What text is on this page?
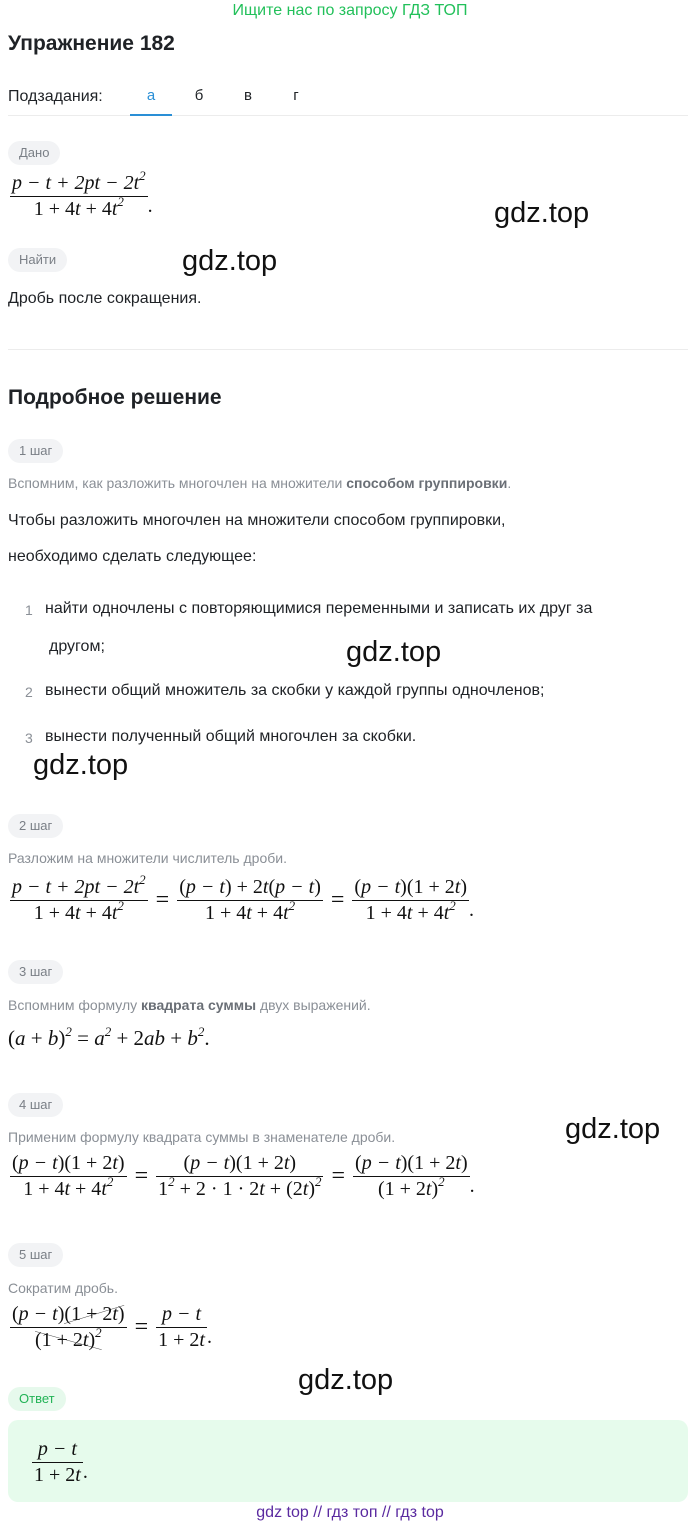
Ищите нас по запросу ГДЗ ТОП
Упражнение 182
Подзадания:	а	б	в	г
Дано
$\frac{p - t + 2pt - 2t^2}{1 + 4t + 4t^2}$ .
Найти
Дробь после сокращения.
Подробное решение
1 шаг
Вспомним, как разложить многочлен на множители способом группировки.
Чтобы разложить многочлен на множители способом группировки,
необходимо сделать следующее:
1 найти одночлены с повторяющимися переменными и записать их друг за
другом;
2 вынести общий множитель за скобки у каждой группы одночленов;
3 вынести полученный общий многочлен за скобки.
2 шаг
Разложим на множители числитель дроби.
$\frac{p - t + 2pt - 2t^2}{1 + 4t + 4t^2} = \frac{(p - t) + 2t(p - t)}{1 + 4t + 4t^2} = \frac{(p - t)(1 + 2t)}{1 + 4t + 4t^2}$ .
3 шаг
Вспомним формулу квадрата суммы двух выражений.
$(a + b)^2 = a^2 + 2ab + b^2$.
4 шаг
Применим формулу квадрата суммы в знаменателе дроби.
$\frac{(p - t)(1 + 2t)}{1 + 4t + 4t^2} = \frac{(p - t)(1 + 2t)}{1^2 + 2 \cdot 1 \cdot 2t + (2t)^2} = \frac{(p - t)(1 + 2t)}{(1 + 2t)^2}$ .
5 шаг
Сократим дробь.
$\frac{(p - t)(1 + 2t)}{(1 + 2t)^2} = \frac{p - t}{1 + 2t}$ .
Ответ
$\frac{p - t}{1 + 2t}$ .
gdz.top
gdz.top
gdz.top
gdz.top
gdz.top
gdz.top
gdz top // гдз топ // гдз top
